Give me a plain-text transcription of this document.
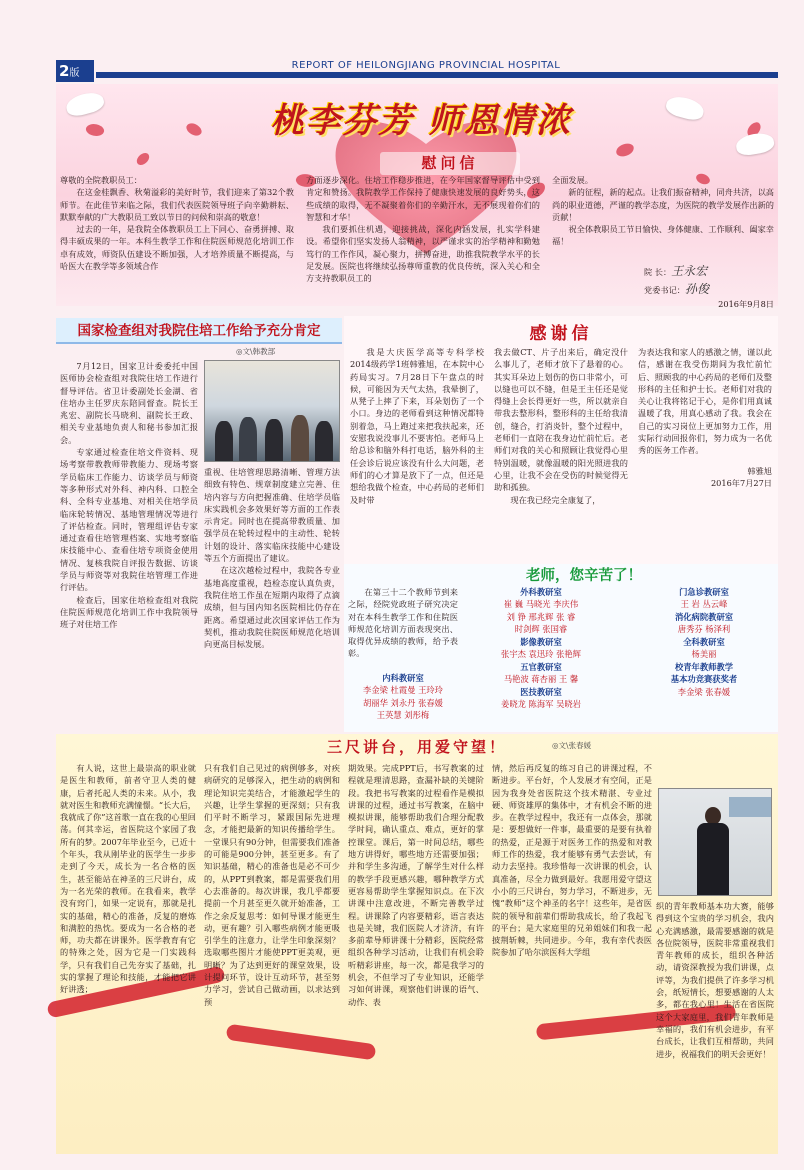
2版
REPORT OF HEILONGJIANG PROVINCIAL HOSPITAL
桃李芬芳 师恩情浓
慰问信

尊敬的全院教职员工：

在这金桂飘香、秋菊溢彩的美好时节，我们迎来了第32个教师节。在此佳节来临之际，我们代表医院领导班子向辛勤耕耘、默默奉献的广大教职员工致以节日的问候和崇高的敬意！

过去的一年，是我院全体教职员工上下同心、奋勇拼搏、取得丰硕成果的一年。本科生教学工作和住院医师规范化培训工作卓有成效，师资队伍建设不断加强，人才培养质量不断提高，与哈医大在教学等多领域合作

方面逐步深化。住培工作稳步推进，在今年国家督导评估中受到肯定和赞扬。我院教学工作保持了健康快速发展的良好势头，这些成绩的取得，无不凝聚着你们的辛勤汗水，无不展现着你们的智慧和才华！

我们要抓住机遇，迎接挑战，深化内涵发展，扎实学科建设。希望你们坚实发扬人翁精神，以严谨求实的治学精神和勤勉笃行的工作作风，凝心聚力，拼搏奋进，助推我院教学水平的长足发展。医院也将继续弘扬尊师重教的优良传统，深入关心和全方支持教职员工的

全面发展。

新的征程，新的起点。让我们振奋精神，同舟共济，以高尚的职业道德，严谨的教学态度，为医院的教学发展作出新的贡献！

祝全体教职员工节日愉快、身体健康、工作顺利、阖家幸福！

院 长：王永宏
党委书记：孙俊
2016年9月8日
国家检查组对我院住培工作给予充分肯定
◎文\韩教部

7月12日，国家卫计委委托中国医师协会检查组对我院住培工作进行督导评估。省卫计委副处长金湖、省住培办主任罗庆东陪同督查。院长王兆宏、副院长马晓利、副院长王政、相关专业基地负责人和秘书参加汇报会。

专家通过检查住培文件资料、现场考察带教教师带教能力、现场考察学员临床工作能力、访谈学员与师资等多种形式对外科、神内科、口腔全科、全科专业基地、对相关住培学员临床轮转情况、基地管理情况等进行了评估检查。同时，管理组评估专家通过查看住培管理档案、实地考察临床技能中心、查看住培专项资金使用情况、复核我院自评报告数据、访谈学员与师资等对我院住培管理工作进行评估。

检查后，国家住培检查组对我院住院医师规范化培训工作中我院领导班子对住培工作

重视、住培管理思路清晰、管理方法细致有特色、规章制度建立完善、住培内容与方向把握准确、住培学员临床实践机会多效果好等方面的工作表示肯定。同时也在提高带教质量、加强学员在轮转过程中的主动性、轮转计划的设计、落实临床技能中心建设等五个方面提出了建议。

在这次越检过程中，我院各专业基地高度重视，趋检态度认真负责，我院住培工作虽在短期内取得了点滴成绩，但与国内知名医院相比仍存在距离。希望通过此次国家评估工作为契机，推动我院住院医师规范化培训向更高目标发展。

感谢信
我是大庆医学高等专科学校2014级药学1班韩雅旭，在本院中心药局实习。7月28日下午盘点的时候，可能因为天气太热，我晕倒了，从凳子上摔了下来，耳朵划伤了一个小口。身边的老师看到这种情况都特别着急，马上跑过来把我扶起来，还安慰我说没事儿不要害怕。老师马上给总诊和脑外科打电话，脑外科的主任会诊后说应该没有什么大问题，老师们的心才算是放下了一点，但还是想给我做个检查，中心药局的老师们及时带

我去做CT、片子出来后，确定没什么事儿了，老师才放下了悬着的心。其实耳朵边上划伤的伤口非常小，可以缝也可以不缝，但是王主任还是觉得缝上会长得更好一些，所以就亲自带我去整形科，整形科的主任给我清创，缝合，打消炎针，整个过程中，老师们一直陪在我身边忙前忙后。老师们对我的关心和照顾让我觉得心里特别温暖，就像温暖的阳光照进我的心里，让我不会在受伤的时候觉得无助和孤独。

现在我已经完全康复了，

为表达我和家人的感激之情，谨以此信，感谢在我受伤期间为我忙前忙后、照顾我的中心药局的老师们及整形科的主任和护士长。老师们对我的关心让我将铭记于心，是你们用真诚温暖了我，用真心感动了我。我会在自己的实习岗位上更加努力工作，用实际行动回报你们，努力成为一名优秀的医务工作者。

韩雅旭

2016年7月27日

老师，您辛苦了！
在第三十二个教师节到来之际，经院党政班子研究决定对在本科生教学工作和住院医师规范化培训方面表现突出、取得优异成绩的教师，给予表彰。
内科教研室
李金梁 杜霞曼 王玲玲
胡丽华 刘永丹 张春媛
王英慧 刘彤梅
外科教研室
崔 巍 马晓光 李庆伟
刘 铮 邢兆辉 张 睿
时剑辉 张国睿
影像教研室
张宇杰 袁迅玲 张艳辉
五官教研室
马艳波 蒋杏丽 王 馨
医技教研室
姜晓龙 陈海军 吴晓岩
门急诊教研室
王 岩 丛云峰
消化病院教研室
唐秀芬 杨泽利
全科教研室
杨美丽
校青年教师教学
基本功竞赛获奖者
李金梁 张春媛
三尺讲台，用爱守望！	◎文\张春媛
有人说，这世上最崇高的职业就是医生和教师，前者守卫人类的健康，后者托起人类的未来。从小，我就对医生和教师充满憧憬。“长大后，我就成了你”这首歌一直在我的心里回荡。何其幸运，省医院这个家园了我所有的梦。2007年毕业至今，已近十个年头，我从刚毕业的医学生一步步走到了今天，成长为一名合格的医生，甚至能站在神圣的三尺讲台，成为一名光荣的教师。在我看来，教学没有窍门，如果一定说有，那就是扎实的基础，精心的准备，反复的磨炼和满腔的热忱。要成为一名合格的老师，功夫都在讲课外。医学教育有它的特殊之处，因为它是一门实践科学，只有我们自己先夯实了基础，扎实的掌握了理论和技能，才能把它讲好讲透；
只有我们自己见过的病例够多，对疾病研究的足够深入，把生动的病例和理论知识完美结合，才能激起学生的兴趣，让学生掌握的更深刻；只有我们平时不断学习，紧跟国际先进理念，才能把最新的知识传播给学生。一堂课只有90分钟，但需要我们准备的可能是900分钟，甚至更多。有了知识基础，精心的准备也是必不可少的，从PPT到教案，都是需要我们用心去准备的。每次讲课，我几乎都要提前一个月甚至更久就开始准备，工作之余反复思考：如何导课才能更生动，更有趣？引入哪些病例才能更吸引学生的注意力，让学生印象深刻？选取哪些图片才能使PPT更美观，更明晰？为了达到更好的课堂效果，设计提问环节，设计互动环节，甚至努力学习，尝试自己做动画，以求达到预
期效果。完成PPT后，书写教案的过程就是理清思路，查漏补缺的关键阶段。我把书写教案的过程看作是模拟讲课的过程，通过书写教案，在脑中模拟讲课，能够帮助我们合理分配教学时间，确认重点、难点，更好的掌控课堂。课后，第一时间总结，哪些地方讲得好，哪些地方还需要加强；并和学生多沟通，了解学生对什么样的教学手段更感兴趣，哪种教学方式更容易帮助学生掌握知识点。在下次讲课中注意改进，不断完善教学过程。讲课除了内容要精彩，语言表达也是关键，我们医院人才济济，有许多前辈导师讲课十分精彩，医院经常组织各种学习活动，让我们有机会聆听精彩讲座，每一次，都是我学习的机会，不但学习了专业知识，还能学习如何讲课，观察他们讲课的语气、动作、表
情，然后再反复的练习自己的讲课过程，不断进步。平台好，个人发展才有空间，正是因为我身处省医院这个技术精湛、专业过硬、师资雄厚的集体中，才有机会不断的进步。在教学过程中，我还有一点体会，那就是：要想做好一件事，最重要的是要有执着的热爱，正是源于对医务工作的热爱和对教师工作的热爱，我才能够有勇气去尝试，有动力去坚持。我珍惜每一次讲课的机会，认真准备，尽全力做到最好。我愿用爱守望这小小的三尺讲台，努力学习，不断进步，无愧“教师”这个神圣的名字！这些年，是省医院的领导和前辈们帮助我成长，给了我起飞的平台；是大家庭里的兄弟姐妹们和我一起披荆斩棘，共同进步。今年，我有幸代表医院参加了哈尔滨医科大学组
织的青年教师基本功大赛，能够得到这个宝贵的学习机会，我内心充满感激，最需要感谢的就是各位院领导，医院非常重视我们青年教师的成长，组织各种活动，请资深教授为我们讲课，点评等，为我们提供了许多学习机会，纸短情长，想要感谢的人太多，都在我心里！生活在省医院这个大家庭里，我们青年教师是幸福的，我们有机会进步，有平台成长，让我们互相帮助，共同进步，祝福我们的明天会更好！
